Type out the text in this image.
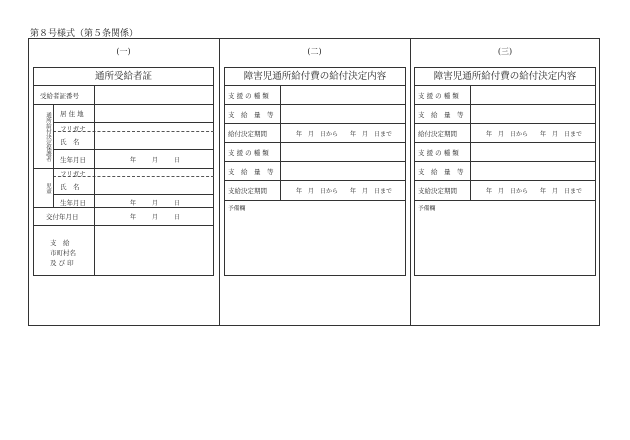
第８号様式（第５条関係）
(一)	(二)	(三)
通所受給者証
受給者証番号
通所給付決定保護者 居 住 地
フリガナ
氏　名
生年月日	年	月	日
児童
フリガナ
氏　名
生年月日	年	月	日
交付年月日	年	月	日
支　給
市町村名
及 び 印
障害児通所給付費の給付決定内容
支 援 の 種 類
支　給　量　等
給付決定期間	年　月　日から　　年　月　日まで
支 援 の 種 類
支　給　量　等
支給決定期間	年　月　日から　　年　月　日まで
予備欄
障害児通所給付費の給付決定内容
支 援 の 種 類
支　給　量　等
給付決定期間	年　月　日から　　年　月　日まで
支 援 の 種 類
支　給　量　等
支給決定期間	年　月　日から　　年　月　日まで
予備欄
